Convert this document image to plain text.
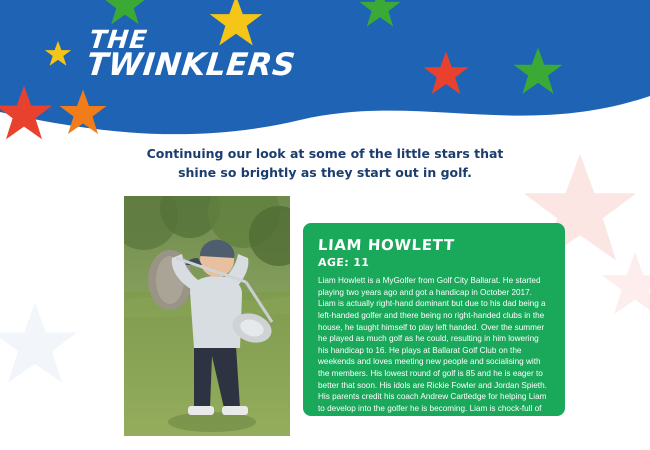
THE
TWINKLERS
Continuing our look at some of the little stars that
shine so brightly as they start out in golf.
LIAM HOWLETT
AGE: 11

Liam Howlett is a MyGolfer from Golf City Ballarat. He started playing two years ago and got a handicap in October 2017. Liam is actually right-hand dominant but due to his dad being a left-handed golfer and there being no right-handed clubs in the house, he taught himself to play left handed. Over the summer he played as much golf as he could, resulting in him lowering his handicap to 16. He plays at Ballarat Golf Club on the weekends and loves meeting new people and socialising with the members. His lowest round of golf is 85 and he is eager to better that soon. His idols are Rickie Fowler and Jordan Spieth. His parents credit his coach Andrew Cartledge for helping Liam to develop into the golfer he is becoming. Liam is chock-full of natural ability, so watch this space!
